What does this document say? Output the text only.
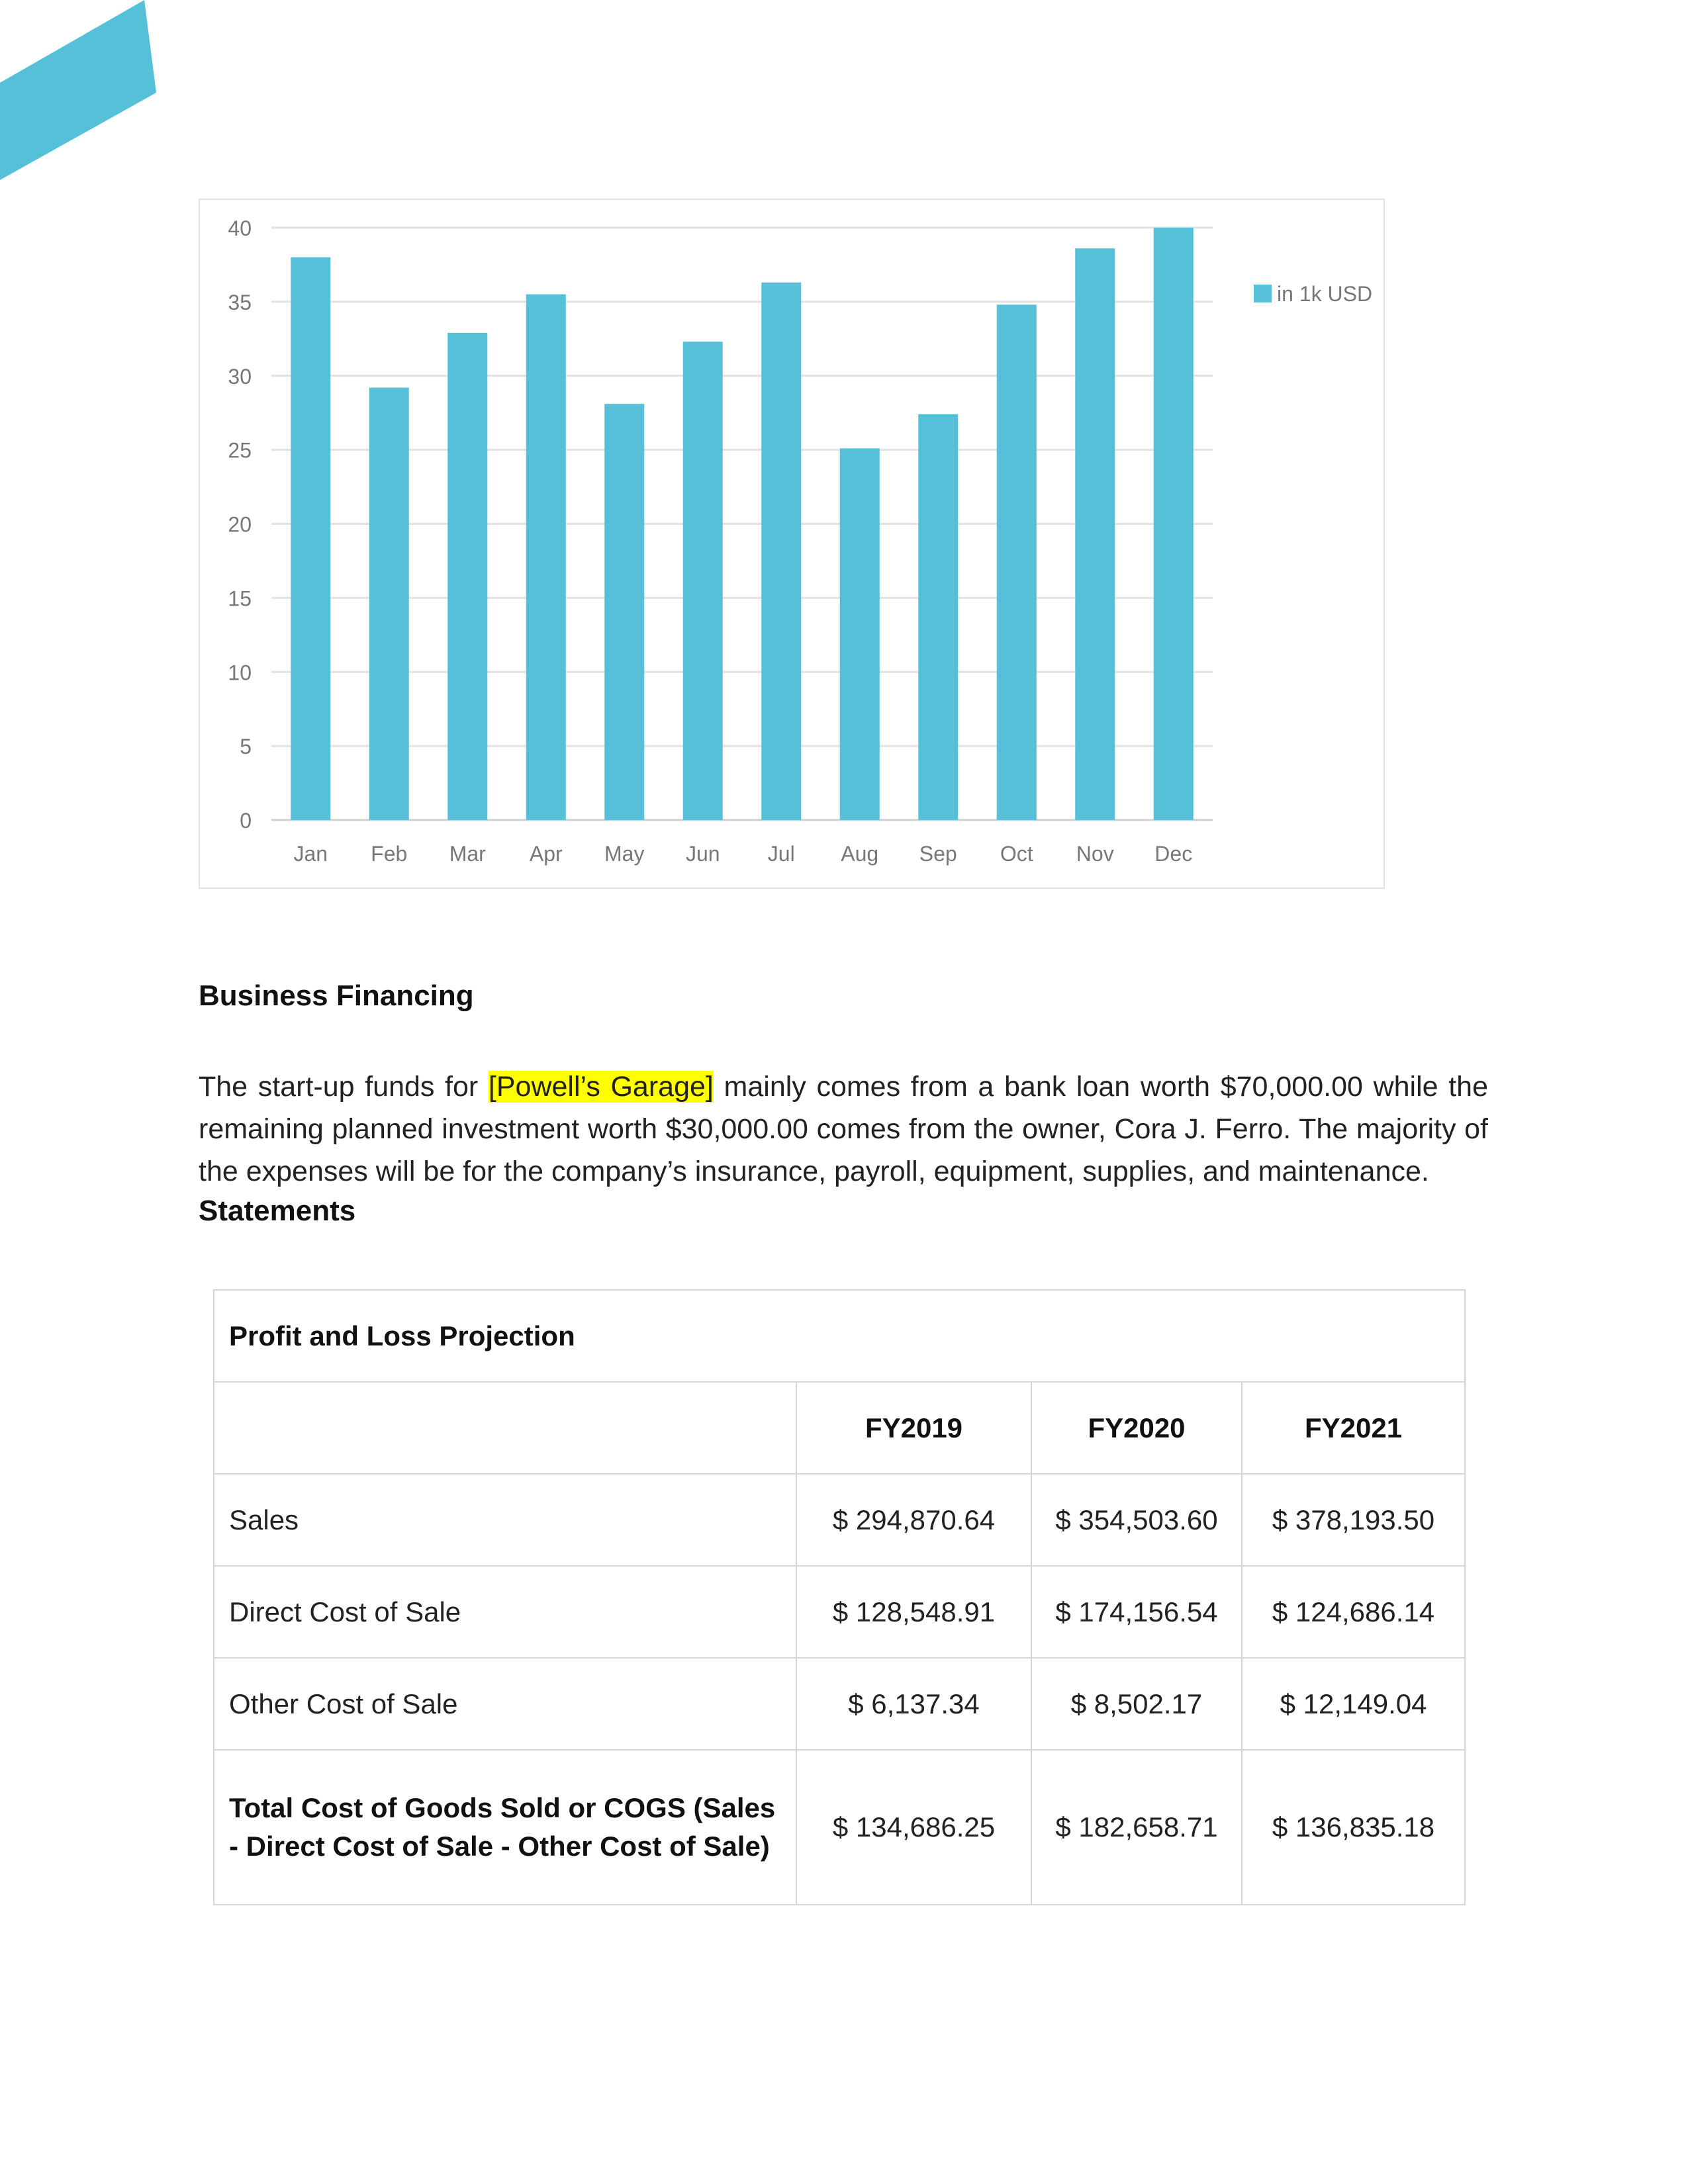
0
5
10
15
20
25
30
35
40
Jan Feb Mar Apr May Jun Jul Aug Sep Oct Nov Dec
in 1k USD
Business Financing

The start-up funds for [Powell’s Garage] mainly comes from a bank loan worth $70,000.00 while the remaining planned investment worth $30,000.00 comes from the owner, Cora J. Ferro. The majority of the expenses will be for the company’s insurance, payroll, equipment, supplies, and maintenance.

Statements
Profit and Loss Projection			
	FY2019	FY2020	FY2021
Sales	$ 294,870.64	$ 354,503.60	$ 378,193.50
Direct Cost of Sale	$ 128,548.91	$ 174,156.54	$ 124,686.14
Other Cost of Sale	$ 6,137.34	$ 8,502.17	$ 12,149.04
Total Cost of Goods Sold or COGS (Sales - Direct Cost of Sale - Other Cost of Sale)	$ 134,686.25	$ 182,658.71	$ 136,835.18
